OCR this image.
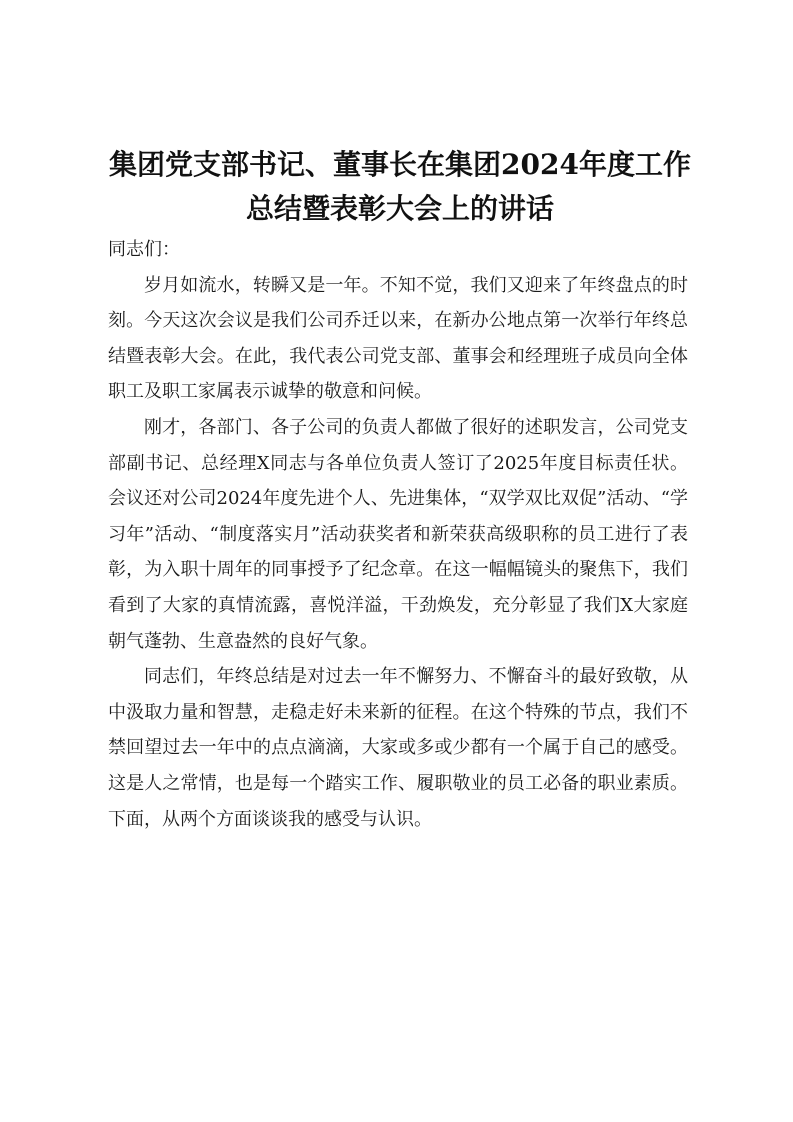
集团党支部书记、董事长在集团2024年度工作
总结暨表彰大会上的讲话

同志们：

岁月如流水，转瞬又是一年。不知不觉，我们又迎来了年终盘点的时刻。今天这次会议是我们公司乔迁以来，在新办公地点第一次举行年终总结暨表彰大会。在此，我代表公司党支部、董事会和经理班子成员向全体职工及职工家属表示诚挚的敬意和问候。

刚才，各部门、各子公司的负责人都做了很好的述职发言，公司党支部副书记、总经理X同志与各单位负责人签订了2025年度目标责任状。会议还对公司2024年度先进个人、先进集体，“双学双比双促”活动、“学习年”活动、“制度落实月”活动获奖者和新荣获高级职称的员工进行了表彰，为入职十周年的同事授予了纪念章。在这一幅幅镜头的聚焦下，我们看到了大家的真情流露，喜悦洋溢，干劲焕发，充分彰显了我们X大家庭朝气蓬勃、生意盎然的良好气象。

同志们，年终总结是对过去一年不懈努力、不懈奋斗的最好致敬，从中汲取力量和智慧，走稳走好未来新的征程。在这个特殊的节点，我们不禁回望过去一年中的点点滴滴，大家或多或少都有一个属于自己的感受。这是人之常情，也是每一个踏实工作、履职敬业的员工必备的职业素质。下面，从两个方面谈谈我的感受与认识。
